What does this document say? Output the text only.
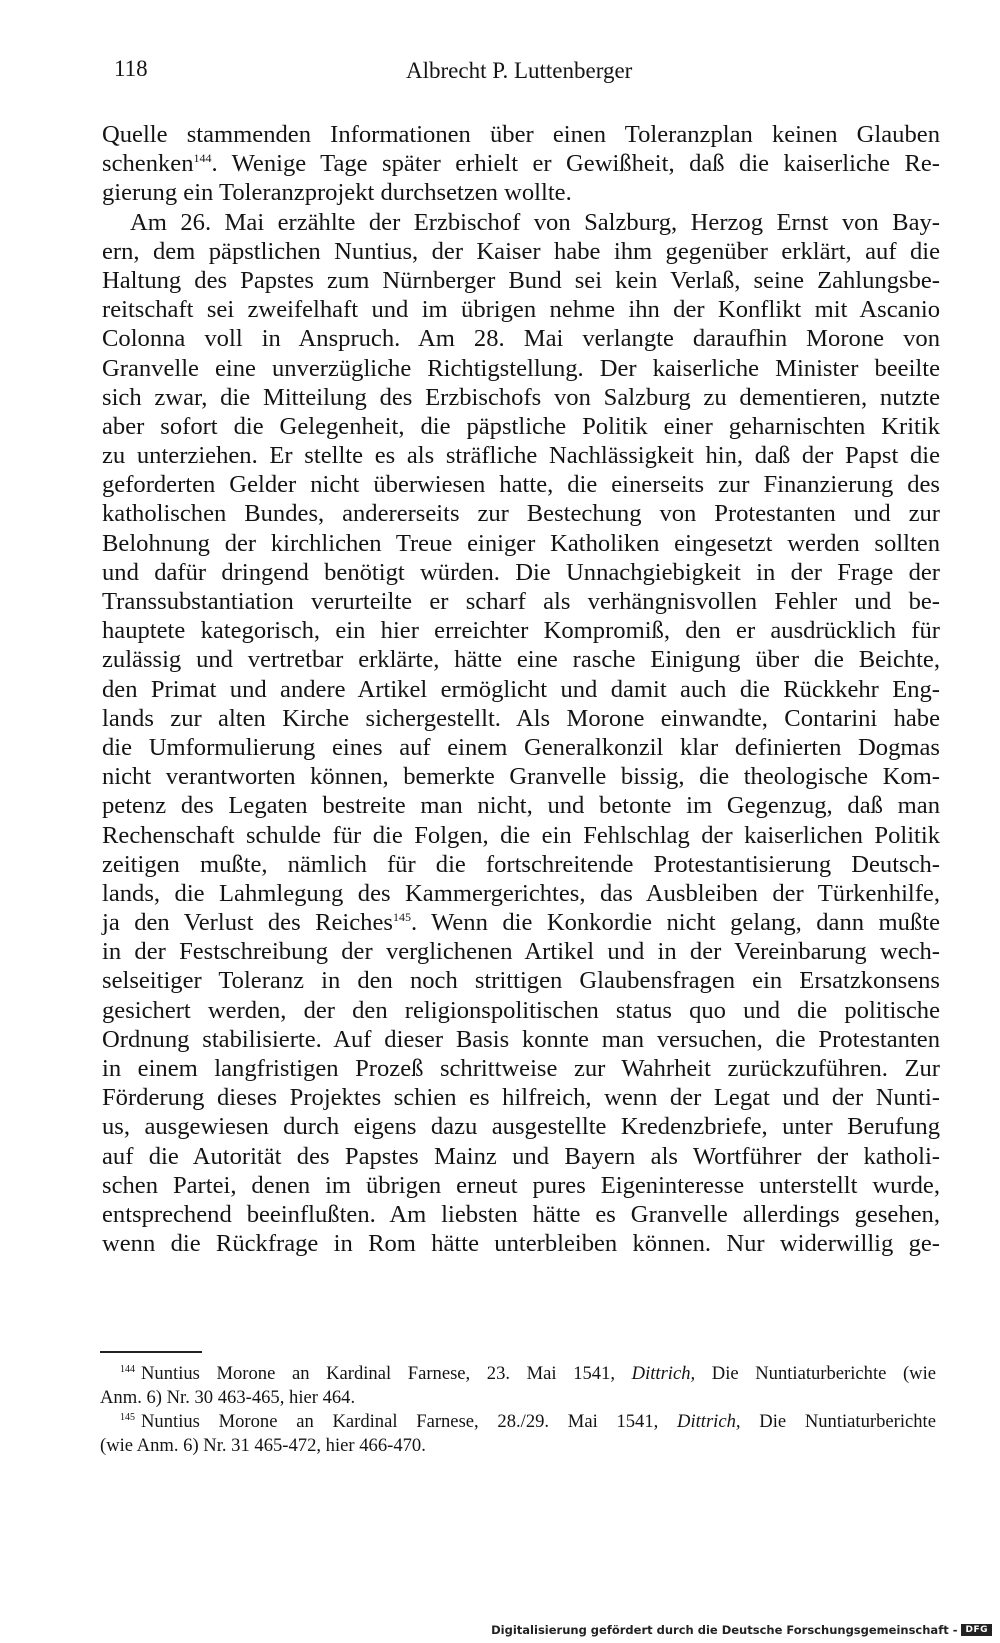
118	Albrecht P. Luttenberger
Quelle stammenden Informationen über einen Toleranzplan keinen Glauben
schenken$^{144}$. Wenige Tage später erhielt er Gewißheit, daß die kaiserliche Re-
gierung ein Toleranzprojekt durchsetzen wollte.
Am 26. Mai erzählte der Erzbischof von Salzburg, Herzog Ernst von Bay-
ern, dem päpstlichen Nuntius, der Kaiser habe ihm gegenüber erklärt, auf die
Haltung des Papstes zum Nürnberger Bund sei kein Verlaß, seine Zahlungsbe-
reitschaft sei zweifelhaft und im übrigen nehme ihn der Konflikt mit Ascanio
Colonna voll in Anspruch. Am 28. Mai verlangte daraufhin Morone von
Granvelle eine unverzügliche Richtigstellung. Der kaiserliche Minister beeilte
sich zwar, die Mitteilung des Erzbischofs von Salzburg zu dementieren, nutzte
aber sofort die Gelegenheit, die päpstliche Politik einer geharnischten Kritik
zu unterziehen. Er stellte es als sträfliche Nachlässigkeit hin, daß der Papst die
geforderten Gelder nicht überwiesen hatte, die einerseits zur Finanzierung des
katholischen Bundes, andererseits zur Bestechung von Protestanten und zur
Belohnung der kirchlichen Treue einiger Katholiken eingesetzt werden sollten
und dafür dringend benötigt würden. Die Unnachgiebigkeit in der Frage der
Transsubstantiation verurteilte er scharf als verhängnisvollen Fehler und be-
hauptete kategorisch, ein hier erreichter Kompromiß, den er ausdrücklich für
zulässig und vertretbar erklärte, hätte eine rasche Einigung über die Beichte,
den Primat und andere Artikel ermöglicht und damit auch die Rückkehr Eng-
lands zur alten Kirche sichergestellt. Als Morone einwandte, Contarini habe
die Umformulierung eines auf einem Generalkonzil klar definierten Dogmas
nicht verantworten können, bemerkte Granvelle bissig, die theologische Kom-
petenz des Legaten bestreite man nicht, und betonte im Gegenzug, daß man
Rechenschaft schulde für die Folgen, die ein Fehlschlag der kaiserlichen Politik
zeitigen mußte, nämlich für die fortschreitende Protestantisierung Deutsch-
lands, die Lahmlegung des Kammergerichtes, das Ausbleiben der Türkenhilfe,
ja den Verlust des Reiches$^{145}$. Wenn die Konkordie nicht gelang, dann mußte
in der Festschreibung der verglichenen Artikel und in der Vereinbarung wech-
selseitiger Toleranz in den noch strittigen Glaubensfragen ein Ersatzkonsens
gesichert werden, der den religionspolitischen status quo und die politische
Ordnung stabilisierte. Auf dieser Basis konnte man versuchen, die Protestanten
in einem langfristigen Prozeß schrittweise zur Wahrheit zurückzuführen. Zur
Förderung dieses Projektes schien es hilfreich, wenn der Legat und der Nunti-
us, ausgewiesen durch eigens dazu ausgestellte Kredenzbriefe, unter Berufung
auf die Autorität des Papstes Mainz und Bayern als Wortführer der katholi-
schen Partei, denen im übrigen erneut pures Eigeninteresse unterstellt wurde,
entsprechend beeinflußten. Am liebsten hätte es Granvelle allerdings gesehen,
wenn die Rückfrage in Rom hätte unterbleiben können. Nur widerwillig ge-
$^{144}$ Nuntius Morone an Kardinal Farnese, 23. Mai 1541, Dittrich, Die Nuntiaturberichte (wie
Anm. 6) Nr. 30 463-465, hier 464.
$^{145}$ Nuntius Morone an Kardinal Farnese, 28./29. Mai 1541, Dittrich, Die Nuntiaturberichte
(wie Anm. 6) Nr. 31 465-472, hier 466-470.
Digitalisierung gefördert durch die Deutsche Forschungsgemeinschaft - DFG
